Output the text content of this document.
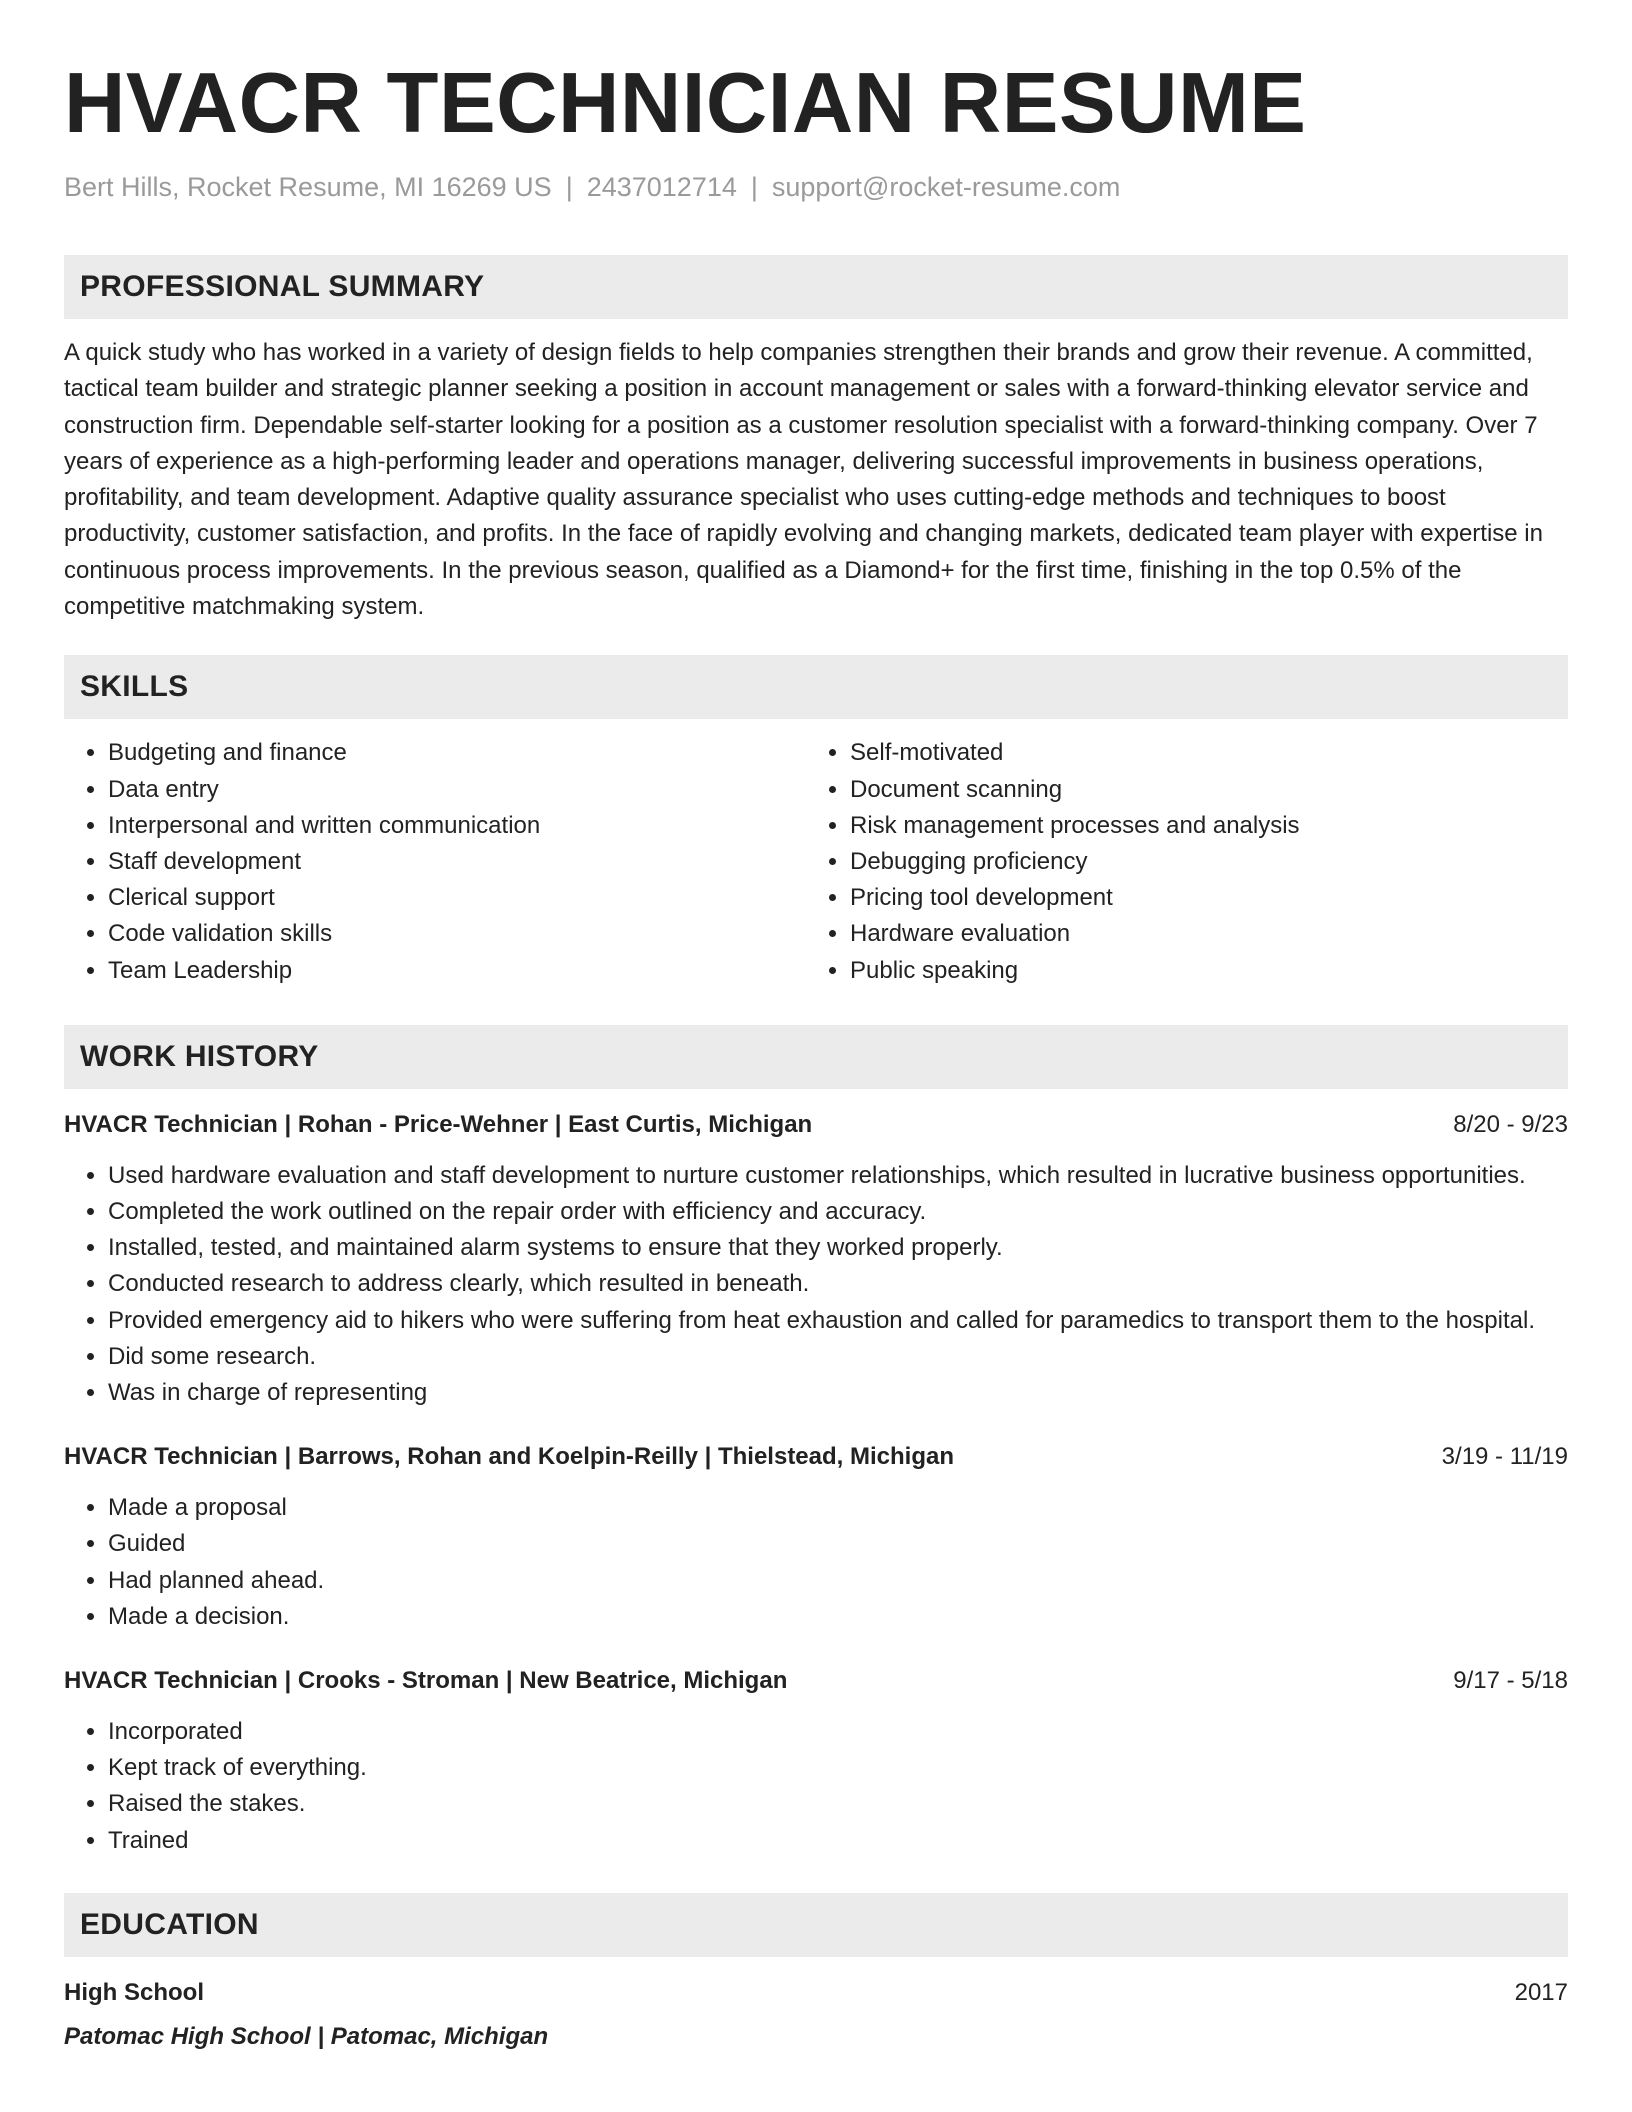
HVACR TECHNICIAN RESUME
Bert Hills, Rocket Resume, MI 16269 US | 2437012714 | support@rocket-resume.com
PROFESSIONAL SUMMARY
A quick study who has worked in a variety of design fields to help companies strengthen their brands and grow their revenue. A committed, tactical team builder and strategic planner seeking a position in account management or sales with a forward-thinking elevator service and construction firm. Dependable self-starter looking for a position as a customer resolution specialist with a forward-thinking company. Over 7 years of experience as a high-performing leader and operations manager, delivering successful improvements in business operations, profitability, and team development. Adaptive quality assurance specialist who uses cutting-edge methods and techniques to boost productivity, customer satisfaction, and profits. In the face of rapidly evolving and changing markets, dedicated team player with expertise in continuous process improvements. In the previous season, qualified as a Diamond+ for the first time, finishing in the top 0.5% of the competitive matchmaking system.
SKILLS
• Budgeting and finance
• Data entry
• Interpersonal and written communication
• Staff development
• Clerical support
• Code validation skills
• Team Leadership
• Self-motivated
• Document scanning
• Risk management processes and analysis
• Debugging proficiency
• Pricing tool development
• Hardware evaluation
• Public speaking
WORK HISTORY
HVACR Technician | Rohan - Price-Wehner | East Curtis, Michigan	8/20 - 9/23
• Used hardware evaluation and staff development to nurture customer relationships, which resulted in lucrative business opportunities.
• Completed the work outlined on the repair order with efficiency and accuracy.
• Installed, tested, and maintained alarm systems to ensure that they worked properly.
• Conducted research to address clearly, which resulted in beneath.
• Provided emergency aid to hikers who were suffering from heat exhaustion and called for paramedics to transport them to the hospital.
• Did some research.
• Was in charge of representing
HVACR Technician | Barrows, Rohan and Koelpin-Reilly | Thielstead, Michigan	3/19 - 11/19
• Made a proposal
• Guided
• Had planned ahead.
• Made a decision.
HVACR Technician | Crooks - Stroman | New Beatrice, Michigan	9/17 - 5/18
• Incorporated
• Kept track of everything.
• Raised the stakes.
• Trained
EDUCATION
High School	2017
Patomac High School | Patomac, Michigan
